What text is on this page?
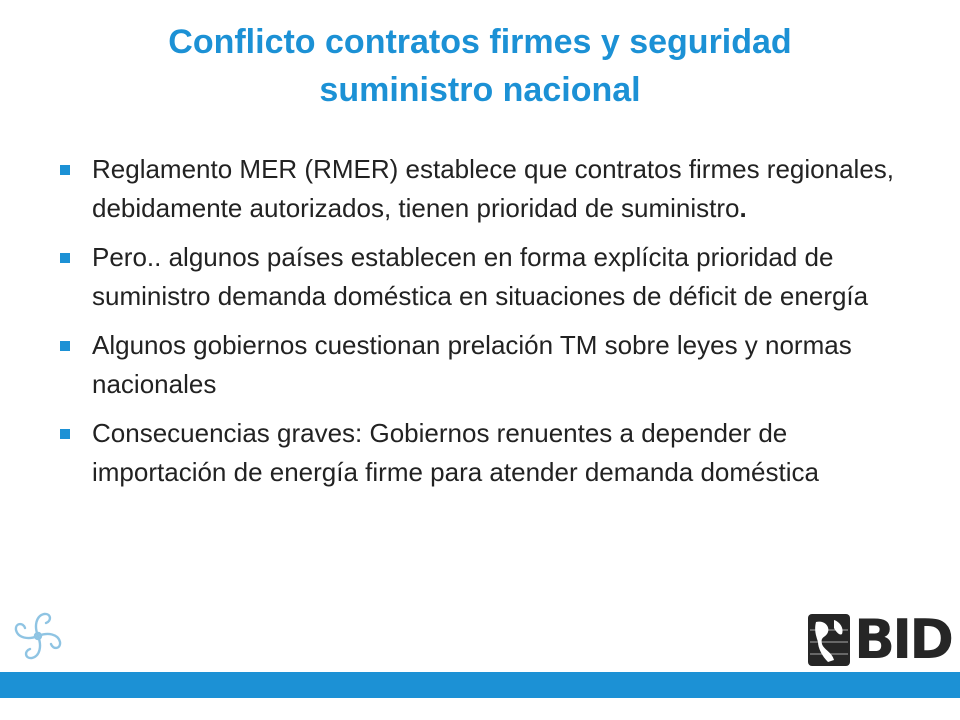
Conflicto contratos firmes y seguridad
suministro nacional
Reglamento MER (RMER) establece que contratos firmes regionales, debidamente autorizados, tienen prioridad de suministro.
Pero.. algunos países establecen en forma explícita prioridad de suministro demanda doméstica en situaciones de déficit de energía
Algunos gobiernos cuestionan prelación TM sobre leyes y normas nacionales
Consecuencias graves: Gobiernos renuentes a depender de importación de energía firme para atender demanda doméstica
BID
